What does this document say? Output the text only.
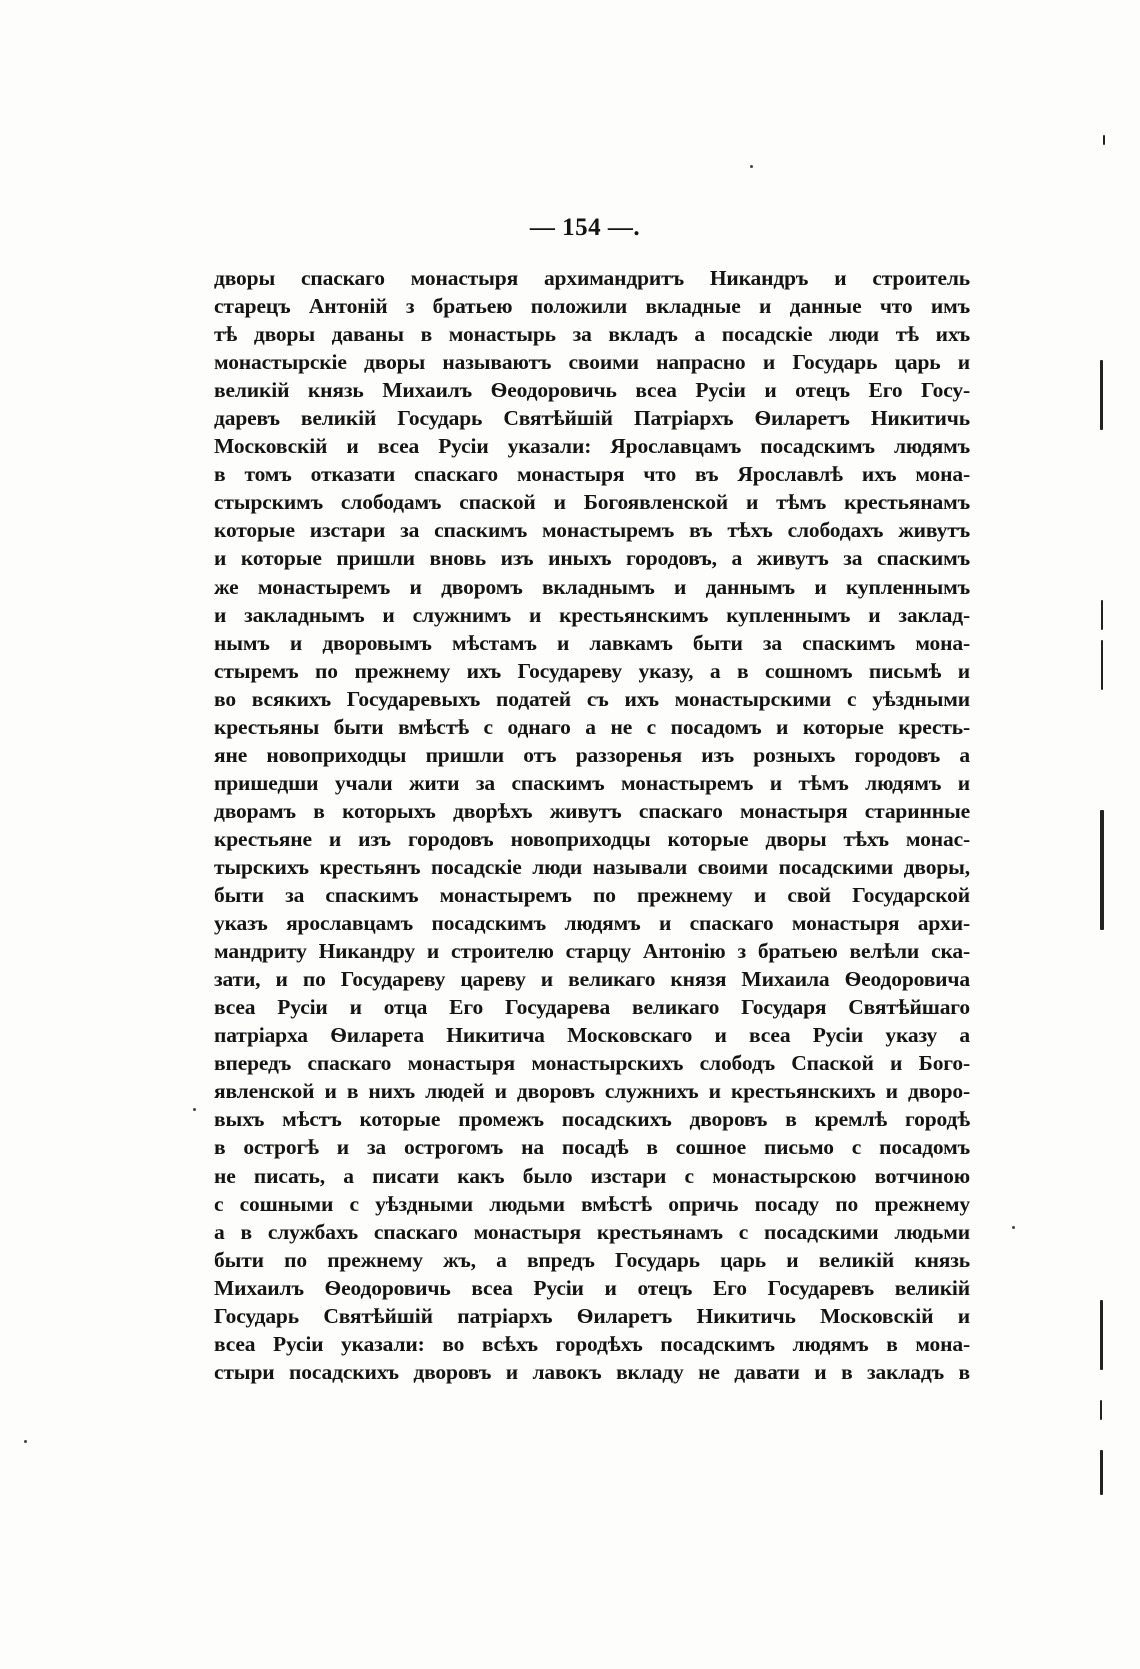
— 154 —.
дворы спаскаго монастыря архимандритъ Никандръ и строитель
старецъ Антоній з братьею положили вкладные и данные что имъ
тѣ дворы даваны в монастырь за вкладъ а посадскіе люди тѣ ихъ
монастырскіе дворы называютъ своими напрасно и Государь царь и
великій князь Михаилъ Ѳеодоровичь всеа Русіи и отецъ Его Госу-
даревъ великій Государь Святѣйшій Патріархъ Ѳиларетъ Никитичь
Московскій и всеа Русіи указали: Ярославцамъ посадскимъ людямъ
в томъ отказати спаскаго монастыря что въ Ярославлѣ ихъ мона-
стырскимъ слободамъ спаской и Богоявленской и тѣмъ крестьянамъ
которые изстари за спаскимъ монастыремъ въ тѣхъ слободахъ живутъ
и которые пришли вновь изъ иныхъ городовъ, а живутъ за спаскимъ
же монастыремъ и дворомъ вкладнымъ и даннымъ и купленнымъ
и закладнымъ и служнимъ и крестьянскимъ купленнымъ и заклад-
нымъ и дворовымъ мѣстамъ и лавкамъ быти за спаскимъ мона-
стыремъ по прежнему ихъ Государеву указу, а в сошномъ письмѣ и
во всякихъ Государевыхъ податей съ ихъ монастырскими с уѣздными
крестьяны быти вмѣстѣ с однаго а не с посадомъ и которые кресть-
яне новоприходцы пришли отъ раззоренья изъ розныхъ городовъ а
пришедши учали жити за спаскимъ монастыремъ и тѣмъ людямъ и
дворамъ в которыхъ дворѣхъ живутъ спаскаго монастыря старинные
крестьяне и изъ городовъ новоприходцы которые дворы тѣхъ монас-
тырскихъ крестьянъ посадскіе люди называли своими посадскими дворы,
быти за спаскимъ монастыремъ по прежнему и свой Государской
указъ ярославцамъ посадскимъ людямъ и спаскаго монастыря архи-
мандриту Никандру и строителю старцу Антонію з братьею велѣли ска-
зати, и по Государеву цареву и великаго князя Михаила Ѳеодоровича
всеа Русіи и отца Его Государева великаго Государя Святѣйшаго
патріарха Ѳиларета Никитича Московскаго и всеа Русіи указу а
впередъ спаскаго монастыря монастырскихъ слободъ Спаской и Бого-
явленской и в нихъ людей и дворовъ служнихъ и крестьянскихъ и дворо-
выхъ мѣстъ которые промежъ посадскихъ дворовъ в кремлѣ городѣ
в острогѣ и за острогомъ на посадѣ в сошное письмо с посадомъ
не писать, а писати какъ было изстари с монастырскою вотчиною
с сошными с уѣздными людьми вмѣстѣ опричь посаду по прежнему
а в службахъ спаскаго монастыря крестьянамъ с посадскими людьми
быти по прежнему жъ, а впредъ Государь царь и великій князь
Михаилъ Ѳеодоровичь всеа Русіи и отецъ Его Государевъ великій
Государь Святѣйшій патріархъ Ѳиларетъ Никитичь Московскій и
всеа Русіи указали: во всѣхъ городѣхъ посадскимъ людямъ в мона-
стыри посадскихъ дворовъ и лавокъ вкладу не давати и в закладъ в
